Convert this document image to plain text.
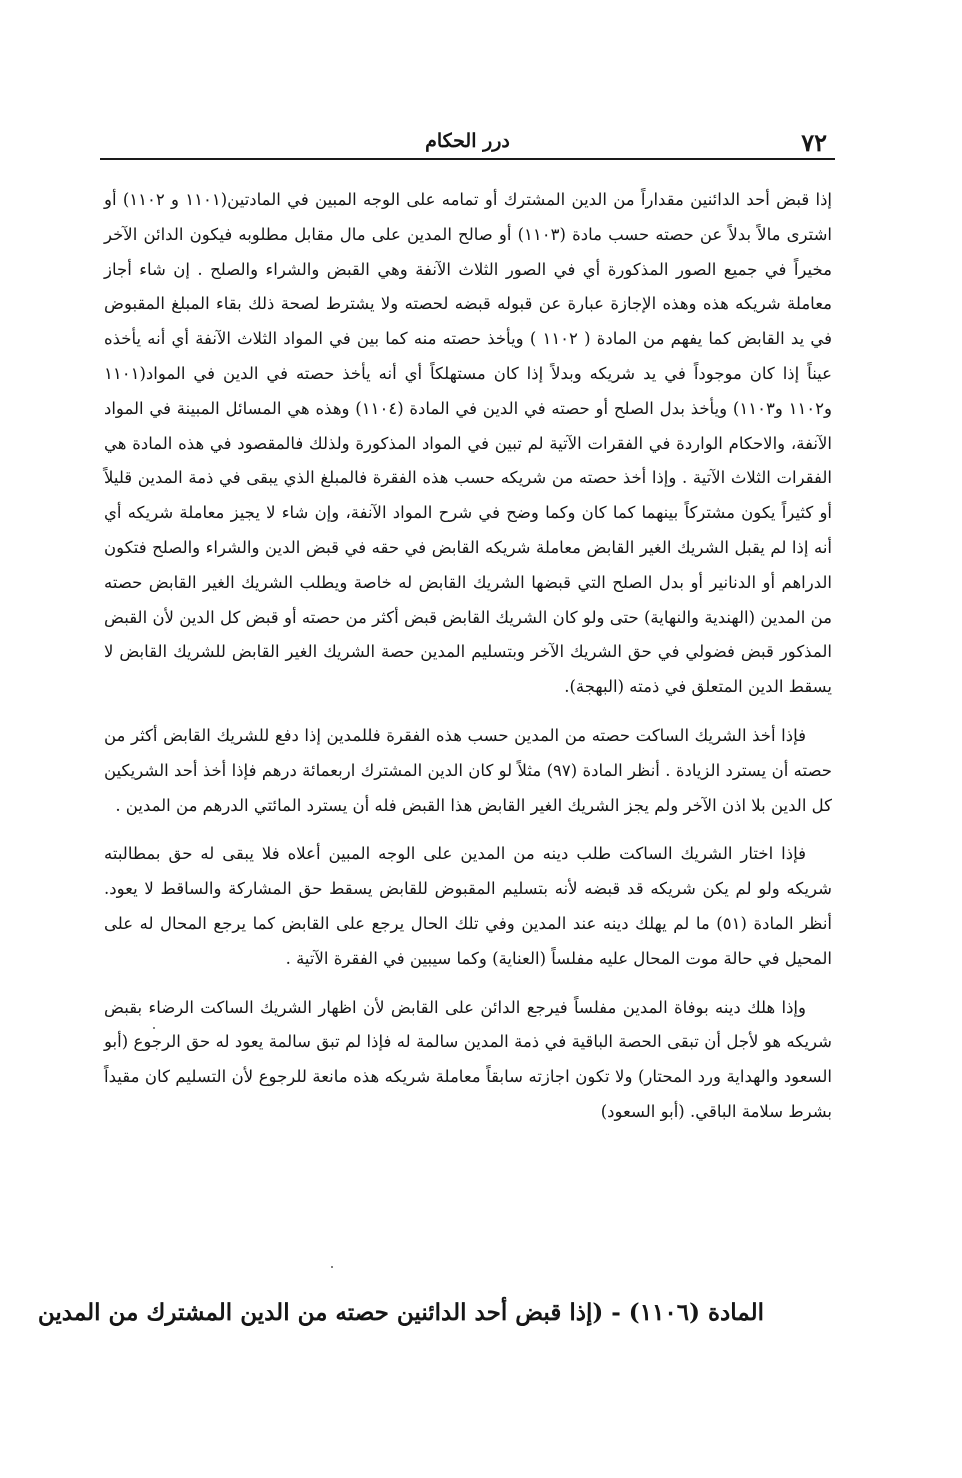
٧٢
درر الحكام

إذا قبض أحد الدائنين مقداراً من الدين المشترك أو تمامه على الوجه المبين في المادتين(١١٠١ و ١١٠٢) أو اشترى مالاً بدلاً عن حصته حسب مادة (١١٠٣) أو صالح المدين على مال مقابل مطلوبه فيكون الدائن الآخر مخيراً في جميع الصور المذكورة أي في الصور الثلاث الآنفة وهي القبض والشراء والصلح . إن شاء أجاز معاملة شريكه هذه وهذه الإجازة عبارة عن قبوله قبضه لحصته ولا يشترط لصحة ذلك بقاء المبلغ المقبوض في يد القابض كما يفهم من المادة ( ١١٠٢ ) ويأخذ حصته منه كما بين في المواد الثلاث الآنفة أي أنه يأخذه عيناً إذا كان موجوداً في يد شريكه وبدلاً إذا كان مستهلكاً أي أنه يأخذ حصته في الدين في المواد(١١٠١ و١١٠٢ و١١٠٣) ويأخذ بدل الصلح أو حصته في الدين في المادة (١١٠٤) وهذه هي المسائل المبينة في المواد الآنفة، والاحكام الواردة في الفقرات الآتية لم تبين في المواد المذكورة ولذلك فالمقصود في هذه المادة هي الفقرات الثلاث الآتية . وإذا أخذ حصته من شريكه حسب هذه الفقرة فالمبلغ الذي يبقى في ذمة المدين قليلاً أو كثيراً يكون مشتركاً بينهما كما كان وكما وضح في شرح المواد الآنفة، وإن شاء لا يجيز معاملة شريكه أي أنه إذا لم يقبل الشريك الغير القابض معاملة شريكه القابض في حقه في قبض الدين والشراء والصلح فتكون الدراهم أو الدنانير أو بدل الصلح التي قبضها الشريك القابض له خاصة ويطلب الشريك الغير القابض حصته من المدين (الهندية والنهاية) حتى ولو كان الشريك القابض قبض أكثر من حصته أو قبض كل الدين لأن القبض المذكور قبض فضولي في حق الشريك الآخر وبتسليم المدين حصة الشريك الغير القابض للشريك القابض لا يسقط الدين المتعلق في ذمته (البهجة).

فإذا أخذ الشريك الساكت حصته من المدين حسب هذه الفقرة فللمدين إذا دفع للشريك القابض أكثر من حصته أن يسترد الزيادة . أنظر المادة (٩٧) مثلاً لو كان الدين المشترك اربعمائة درهم فإذا أخذ أحد الشريكين كل الدين بلا اذن الآخر ولم يجز الشريك الغير القابض هذا القبض فله أن يسترد المائتي الدرهم من المدين .

فإذا اختار الشريك الساكت طلب دينه من المدين على الوجه المبين أعلاه فلا يبقى له حق بمطالبته شريكه ولو لم يكن شريكه قد قبضه لأنه بتسليم المقبوض للقابض يسقط حق المشاركة والساقط لا يعود. أنظر المادة (٥١) ما لم يهلك دينه عند المدين وفي تلك الحال يرجع على القابض كما يرجع المحال له على المحيل في حالة موت المحال عليه مفلساً (العناية) وكما سيبين في الفقرة الآتية .

وإذا هلك دينه بوفاة المدين مفلساً فيرجع الدائن على القابض لأن اظهار الشريك الساكت الرضاء بقبض شريكه هو لأجل أن تبقى الحصة الباقية في ذمة المدين سالمة له فإذا لم تبق سالمة يعود له حق الرجوع (أبو السعود والهداية ورد المحتار) ولا تكون اجازته سابقاً معاملة شريكه هذه مانعة للرجوع لأن التسليم كان مقيداً بشرط سلامة الباقي. (أبو السعود)

المادة (١١٠٦) - (إذا قبض أحد الدائنين حصته من الدين المشترك من المدين
